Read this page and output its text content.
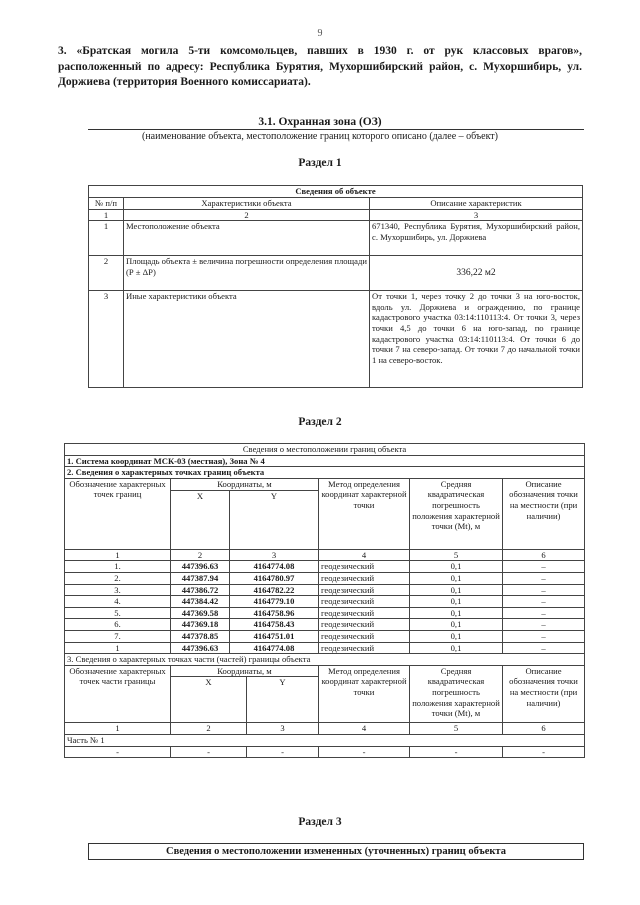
9
3. «Братская могила 5-ти комсомольцев, павших в 1930 г. от рук классовых врагов», расположенный по адресу: Республика Бурятия, Мухоршибирский район, с. Мухоршибирь, ул. Доржиева (территория Военного комиссариата).
3.1. Охранная зона (ОЗ)
(наименование объекта, местоположение границ которого описано (далее – объект)
Раздел 1
Сведения об объекте		
№ п/п	Характеристики объекта	Описание характеристик
1	2	3
1	Местоположение объекта	671340, Республика Бурятия, Мухоршибирский район, с. Мухоршибирь, ул. Доржиева
2	Площадь объекта ± величина погрешности определения площади (Р ± ΔР)	336,22 м2
3	Иные характеристики объекта	От точки 1, через точку 2 до точки 3 на юго-восток, вдоль ул. Доржиева и ограждению, по границе кадастрового участка 03:14:110113:4. От точки 3, через точки 4,5 до точки 6 на юго-запад, по границе кадастрового участка 03:14:110113:4. От точки 6 до точки 7 на северо-запад. От точки 7 до начальной точки 1 на северо-восток.
Раздел 2
Сведения о местоположении границ объекта						
1. Система координат МСК-03 (местная), Зона № 4						
2. Сведения о характерных точках границ объекта						
Обозначение характерных точек границ	Координаты, м			Метод определения координат характерной точки	Средняя квадратическая погрешность положения характерной точки (Mt), м	Описание обозначения точки на местности (при наличии)
	X	Y				
1	2	3		4	5	6
1.	447396.63	4164774.08		геодезический	0,1	–
2.	447387.94	4164780.97		геодезический	0,1	–
3.	447386.72	4164782.22		геодезический	0,1	–
4.	447384.42	4164779.10		геодезический	0,1	–
5.	447369.58	4164758.96		геодезический	0,1	–
6.	447369.18	4164758.43		геодезический	0,1	–
7.	447378.85	4164751.01		геодезический	0,1	–
1	447396.63	4164774.08		геодезический	0,1	–
3. Сведения о характерных точках части (частей) границы объекта						
Обозначение характерных точек части границы	Координаты, м			Метод определения координат характерной точки	Средняя квадратическая погрешность положения характерной точки (Mt), м	Описание обозначения точки на местности (при наличии)
	X		Y			
1	2		3	4	5	6
Часть № 1						
-	-		-	-	-	-
Раздел 3
Сведения о местоположении измененных (уточненных) границ объекта
